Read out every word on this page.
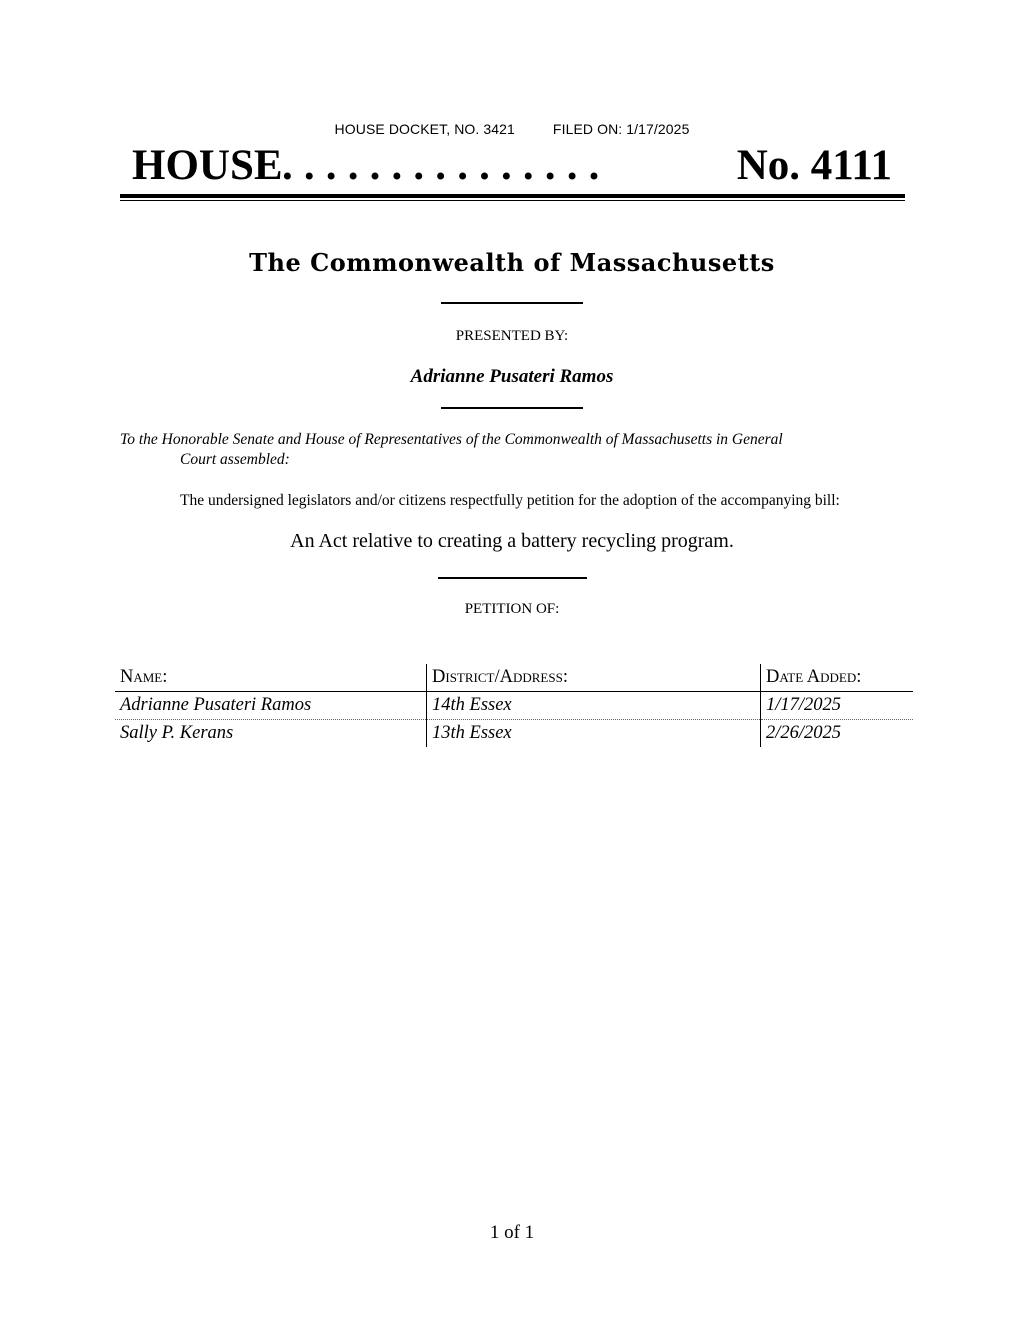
HOUSE DOCKET, NO. 3421	FILED ON: 1/17/2025
HOUSE . . . . . . . . . . . . . . .	No. 4111
The Commonwealth of Massachusetts
PRESENTED BY:
Adrianne Pusateri Ramos
To the Honorable Senate and House of Representatives of the Commonwealth of Massachusetts in General
Court assembled:
The undersigned legislators and/or citizens respectfully petition for the adoption of the accompanying bill:
An Act relative to creating a battery recycling program.
PETITION OF:
Name:	District/Address:	Date Added:
Adrianne Pusateri Ramos	14th Essex	1/17/2025
Sally P. Kerans	13th Essex	2/26/2025
1 of 1
